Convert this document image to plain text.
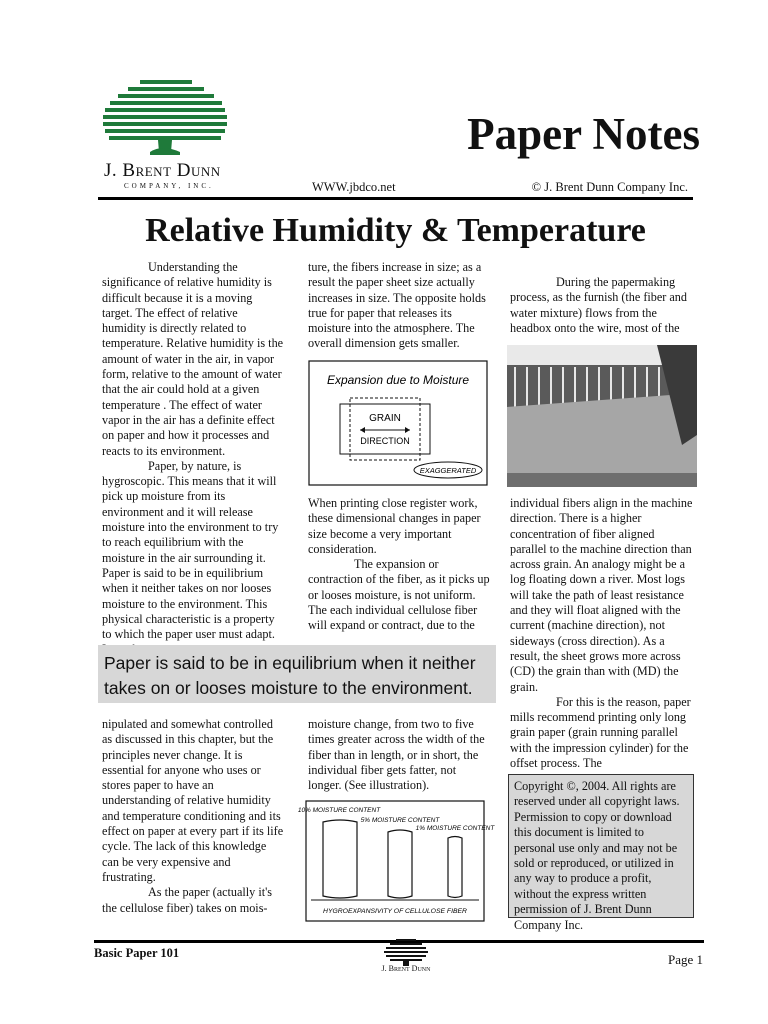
J. Brent Dunn
COMPANY, INC.
Paper Notes
WWW.jbdco.net	© J. Brent Dunn Company Inc.
Relative Humidity & Temperature

Understanding the significance of relative humidity is difficult because it is a moving target. The effect of relative humidity is directly related to temperature. Relative humidity is the amount of water in the air, in vapor form, relative to the amount of water that the air could hold at a given temperature . The effect of water vapor in the air has a definite effect on paper and how it processes and reacts to its environment.

Paper, by nature, is hygroscopic. This means that it will pick up moisture from its environment and it will release moisture into the environment to try to reach equilibrium with the moisture in the air surrounding it. Paper is said to be in equilibrium when it neither takes on nor looses moisture to the environment. This physical characteristic is a property to which the paper user must adapt.

ture, the fibers increase in size; as a result the paper sheet size actually increases in size. The opposite holds true for paper that releases its moisture into the atmosphere. The overall dimension gets smaller.

Expansion due to Moisture
GRAIN
DIRECTION
EXAGGERATED

When printing close register work, these dimensional changes in paper size become a very important consideration.

The expansion or contraction of the fiber, as it picks up or looses moisture, is not uniform. The each individual cellulose fiber will expand or contract, due to the

During the papermaking process, as the furnish (the fiber and water mixture) flows from the headbox onto the wire, most of the

individual fibers align in the machine direction. There is a higher concentration of fiber aligned parallel to the machine direction than across grain. An analogy might be a log floating down a river. Most logs will take the path of least resistance and they will float aligned with the current (machine direction), not sideways (cross direction). As a result, the sheet grows more across (CD) the grain than with (MD) the grain.

For this is the reason, paper mills recommend printing only long grain paper (grain running parallel with the impression cylinder) for the offset process. The

Paper is said to be in equilibrium when it neither takes on or looses moisture to the environment.

nipulated and somewhat controlled as discussed in this chapter, but the principles never change. It is essential for anyone who uses or stores paper to have an understanding of relative humidity and temperature conditioning and its effect on paper at every part if its life cycle. The lack of this knowledge can be very expensive and frustrating.

As the paper (actually it's the cellulose fiber) takes on mois-

moisture change, from two to five times greater across the width of the fiber than in length, or in short, the individual fiber gets fatter, not longer. (See illustration).

10% MOISTURE CONTENT
5% MOISTURE CONTENT
1% MOISTURE CONTENT
HYGROEXPANSIVITY OF CELLULOSE FIBER
Copyright ©, 2004. All rights are reserved under all copyright laws. Permission to copy or download this document is limited to personal use only and may not be sold or reproduced, or utilized in any way to produce a profit, without the express written permission of J. Brent Dunn Company Inc.
Basic Paper 101
J. Brent Dunn
Page 1
